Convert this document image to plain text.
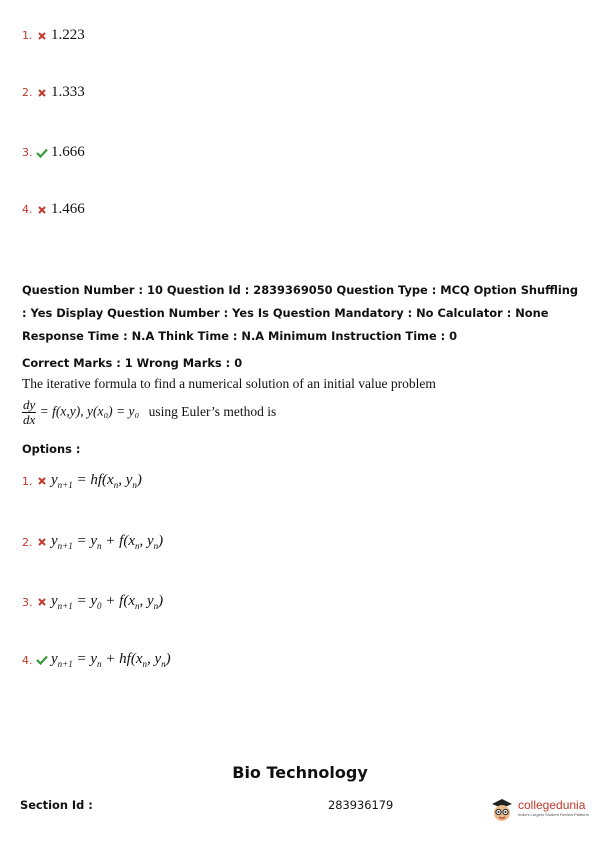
1. 1.223
2. 1.333
3. 1.666
4. 1.466
Question Number : 10 Question Id : 2839369050 Question Type : MCQ Option Shuffling : Yes Display Question Number : Yes Is Question Mandatory : No Calculator : None Response Time : N.A Think Time : N.A Minimum Instruction Time : 0
Correct Marks : 1 Wrong Marks : 0
The iterative formula to find a numerical solution of an initial value problem
$\frac{dy}{dx} = f(x,y)$, y(x₀) = y₀ using Euler’s method is
Options :
1. $y_{n+1} = hf(x_n$, $y_n$)
2. $y_{n+1} = y_n + f(x_n$, $y_n$)
3. $y_{n+1} = y_0 + f(x_n$, $y_n$)
4. $y_{n+1} = y_n + hf(x_n$, $y_n$)
Bio Technology
Section Id :	283936179	collegedunia
India's Largest Student Review Platform
